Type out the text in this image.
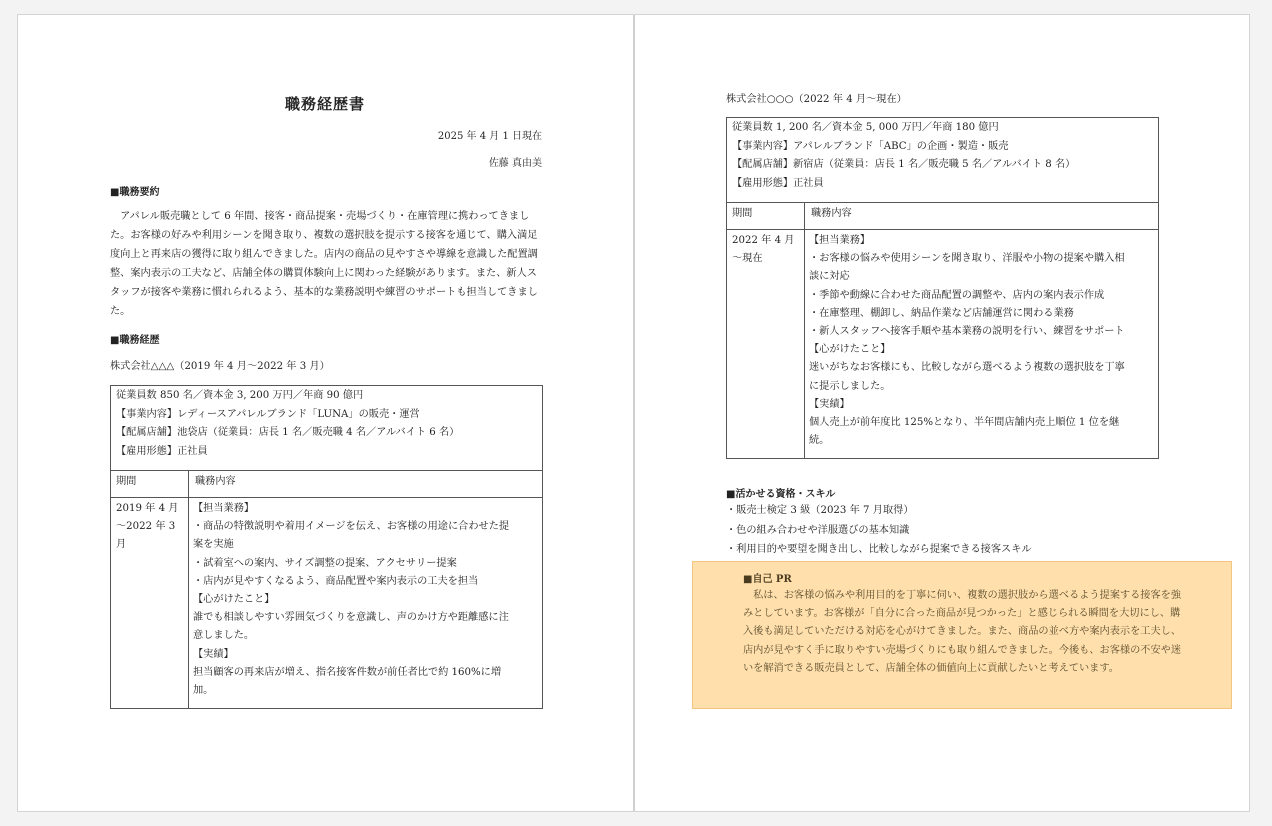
職務経歴書
2025 年 4 月 1 日現在
佐藤 真由美
■職務要約
　アパレル販売職として 6 年間、接客・商品提案・売場づくり・在庫管理に携わってきました。お客様の好みや利用シーンを聞き取り、複数の選択肢を提示する接客を通じて、購入満足度向上と再来店の獲得に取り組んできました。店内の商品の見やすさや導線を意識した配置調整、案内表示の工夫など、店舗全体の購買体験向上に関わった経験があります。また、新人スタッフが接客や業務に慣れられるよう、基本的な業務説明や練習のサポートも担当してきました。
■職務経歴
株式会社△△△（2019 年 4 月～2022 年 3 月）
従業員数 850 名／資本金 3, 200 万円／年商 90 億円
【事業内容】レディースアパレルブランド「LUNA」の販売・運営
【配属店舗】池袋店（従業員：店長 1 名／販売職 4 名／アルバイト 6 名）
【雇用形態】正社員
期間	職務内容
2019 年 4 月
～2022 年 3
月
【担当業務】
・商品の特徴説明や着用イメージを伝え、お客様の用途に合わせた提
案を実施
・試着室への案内、サイズ調整の提案、アクセサリー提案
・店内が見やすくなるよう、商品配置や案内表示の工夫を担当
【心がけたこと】
誰でも相談しやすい雰囲気づくりを意識し、声のかけ方や距離感に注
意しました。
【実績】
担当顧客の再来店が増え、指名接客件数が前任者比で約 160%に増
加。
株式会社○○○（2022 年 4 月～現在）
従業員数 1, 200 名／資本金 5, 000 万円／年商 180 億円
【事業内容】アパレルブランド「ABC」の企画・製造・販売
【配属店舗】新宿店（従業員：店長 1 名／販売職 5 名／アルバイト 8 名）
【雇用形態】正社員
期間	職務内容
2022 年 4 月
～現在
【担当業務】
・お客様の悩みや使用シーンを聞き取り、洋服や小物の提案や購入相
談に対応
・季節や動線に合わせた商品配置の調整や、店内の案内表示作成
・在庫整理、棚卸し、納品作業など店舗運営に関わる業務
・新人スタッフへ接客手順や基本業務の説明を行い、練習をサポート
【心がけたこと】
迷いがちなお客様にも、比較しながら選べるよう複数の選択肢を丁寧
に提示しました。
【実績】
個人売上が前年度比 125%となり、半年間店舗内売上順位 1 位を継
続。
■活かせる資格・スキル
・販売士検定 3 級（2023 年 7 月取得）
・色の組み合わせや洋服選びの基本知識
・利用目的や要望を聞き出し、比較しながら提案できる接客スキル
■自己 PR
　私は、お客様の悩みや利用目的を丁寧に伺い、複数の選択肢から選べるよう提案する接客を強みとしています。お客様が「自分に合った商品が見つかった」と感じられる瞬間を大切にし、購入後も満足していただける対応を心がけてきました。また、商品の並べ方や案内表示を工夫し、店内が見やすく手に取りやすい売場づくりにも取り組んできました。今後も、お客様の不安や迷いを解消できる販売員として、店舗全体の価値向上に貢献したいと考えています。
